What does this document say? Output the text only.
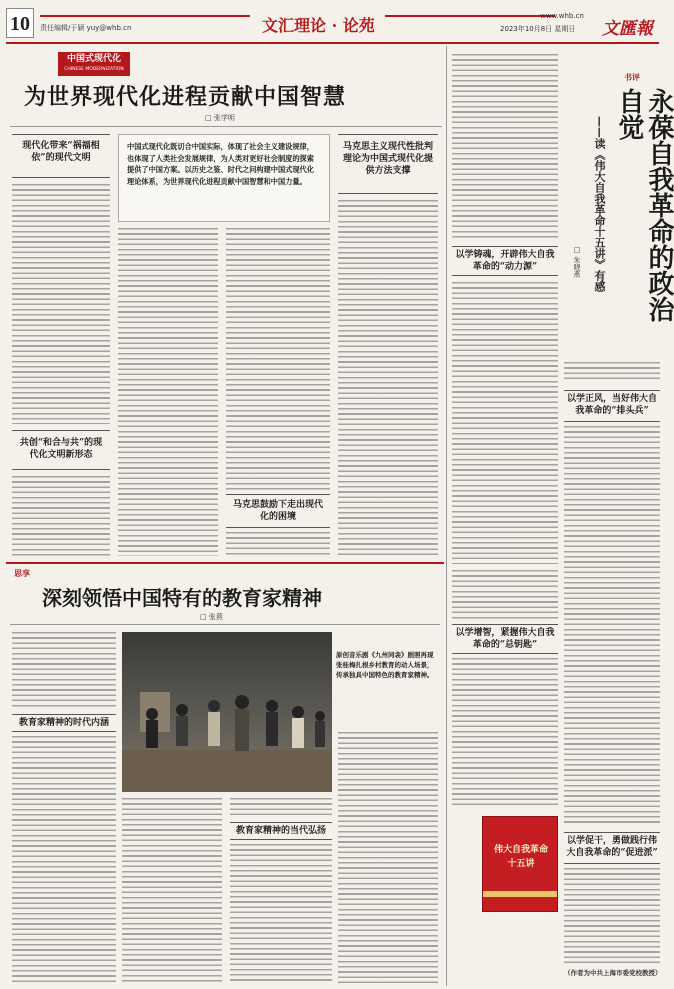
10	责任编辑/于颖 yuy@whb.cn	文汇理论 · 论苑	www.whb.cn
2023年10月8日 星期日 文匯報
中国式现代化
CHINESE MODERNIZATION
为世界现代化进程贡献中国智慧
□ 张学明
现代化带来“祸福相依”的现代文明
共创“和合与共”的现代化文明新形态
中国式现代化既切合中国实际，体现了社会主义建设规律，也体现了人类社会发展规律，为人类对更好社会制度的探索提供了中国方案。以历史之鉴、时代之问构建中国式现代化理论体系，为世界现代化进程贡献中国智慧和中国力量。
马克思主义现代性批判理论为中国式现代化提供方法支撑
马克思鼓励下走出现代化的困境
思享
深刻领悟中国特有的教育家精神
□ 张燕
教育家精神的时代内涵
原创音乐剧《九州同衾》剧照再现张桂梅扎根乡村教育的动人场景，传承独具中国特色的教育家精神。
教育家精神的当代弘扬
书评
永葆自我革命的政治自觉
——读《伟大自我革命十五讲》有感
□ 朱晓燕
以学铸魂，开辟伟大自我革命的“动力源”
以学正风，当好伟大自我革命的“排头兵”
以学增智，紧握伟大自我革命的“总钥匙”
伟大自我革命十五讲
以学促干，勇做践行伟大自我革命的“促进派”
（作者为中共上海市委党校教授）
